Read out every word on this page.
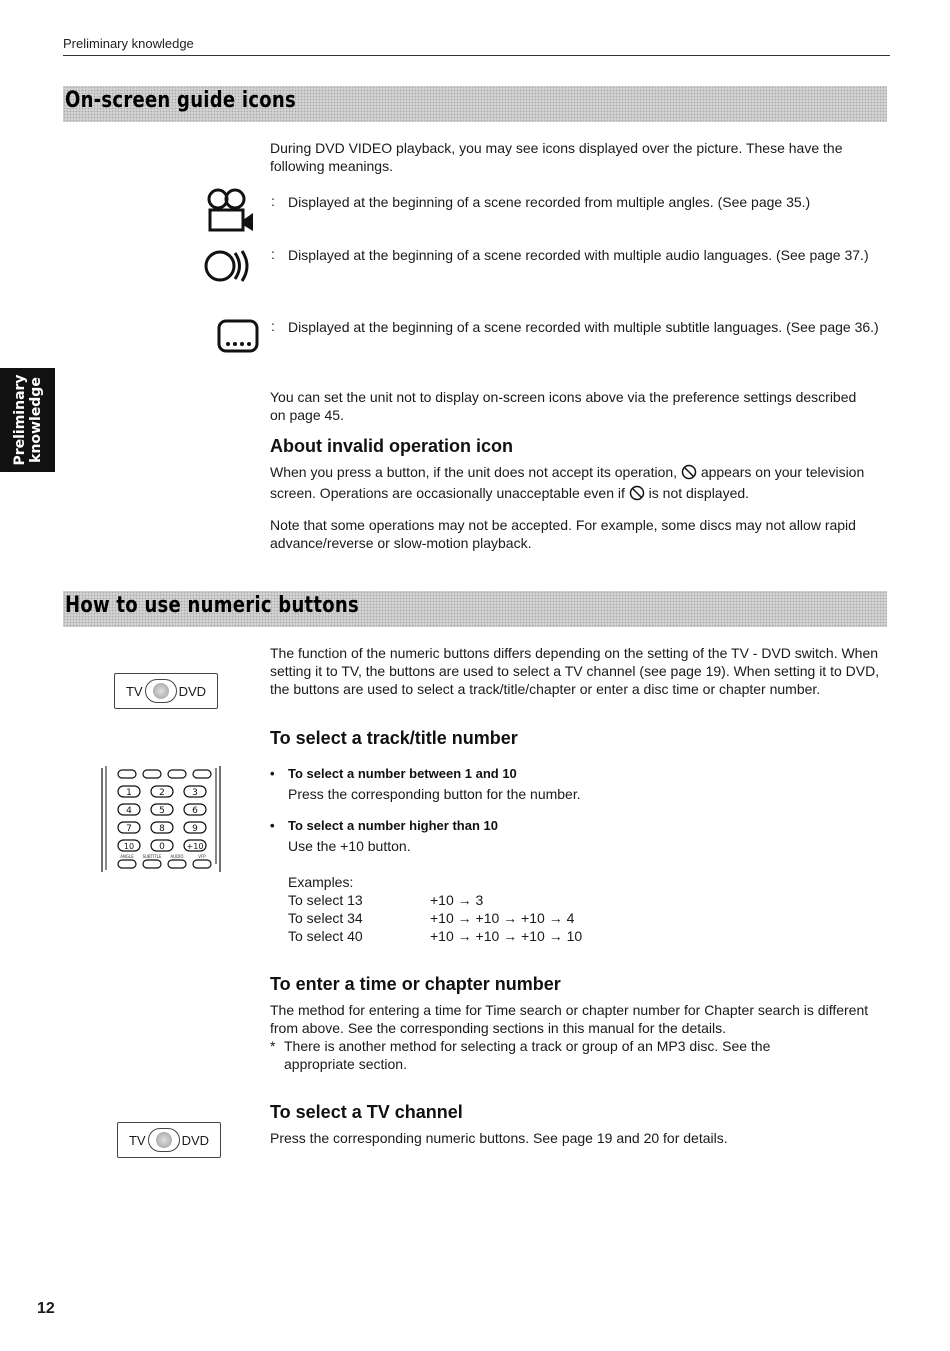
Preliminary knowledge
Preliminary knowledge
On-screen guide icons
During DVD VIDEO playback, you may see icons displayed over the picture. These have the following meanings.
: Displayed at the beginning of a scene recorded from multiple angles. (See page 35.)
: Displayed at the beginning of a scene recorded with multiple audio languages. (See page 37.)
: Displayed at the beginning of a scene recorded with multiple subtitle languages. (See page 36.)
You can set the unit not to display on-screen icons above via the preference settings described on page 45.
About invalid operation icon
When you press a button, if the unit does not accept its operation, appears on your television screen. Operations are occasionally unacceptable even if is not displayed.
Note that some operations may not be accepted. For example, some discs may not allow rapid advance/reverse or slow-motion playback.
How to use numeric buttons
The function of the numeric buttons differs depending on the setting of the TV - DVD switch. When setting it to TV, the buttons are used to select a TV channel (see page 19). When setting it to DVD, the buttons are used to select a track/title/chapter or enter a disc time or chapter number.
TV	DVD
1	2	3
4	5	6
7	8	9
10	0	+10
ANGLE SUBTITLE AUDIO	VFP
To select a track/title number
• To select a number between 1 and 10
Press the corresponding button for the number.
• To select a number higher than 10
Use the +10 button.
Examples:
To select 13	+10 → 3
To select 34	+10 → +10 → +10 → 4
To select 40	+10 → +10 → +10 → 10
To enter a time or chapter number
The method for entering a time for Time search or chapter number for Chapter search is different from above. See the corresponding sections in this manual for the details.
* There is another method for selecting a track or group of an MP3 disc. See the appropriate section.
To select a TV channel
Press the corresponding numeric buttons. See page 19 and 20 for details.
TV	DVD
12
